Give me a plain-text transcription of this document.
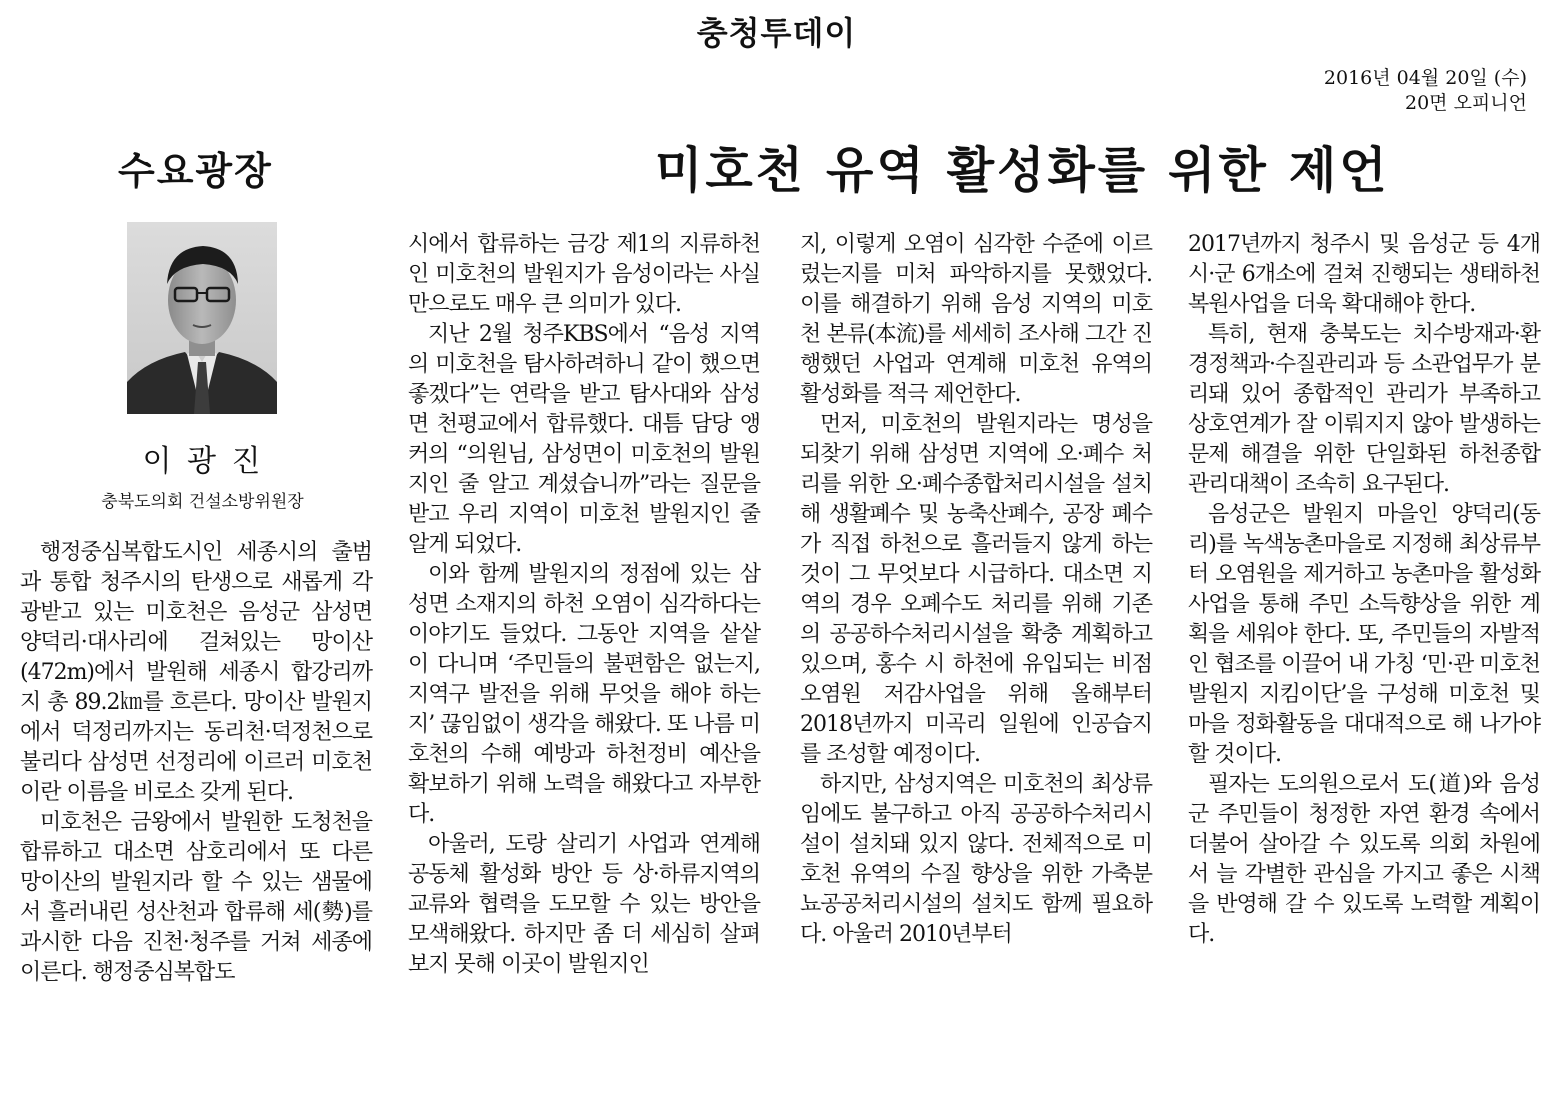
충청투데이
2016년 04월 20일 (수)
20면 오피니언
수요광장	미호천 유역 활성화를 위한 제언
이 광 진
충북도의회 건설소방위원장

행정중심복합도시인 세종시의 출범과 통합 청주시의 탄생으로 새롭게 각광받고 있는 미호천은 음성군 삼성면 양덕리·대사리에 걸쳐있는 망이산(472m)에서 발원해 세종시 합강리까지 총 89.2㎞를 흐른다. 망이산 발원지에서 덕정리까지는 동리천·덕정천으로 불리다 삼성면 선정리에 이르러 미호천이란 이름을 비로소 갖게 된다.

미호천은 금왕에서 발원한 도청천을 합류하고 대소면 삼호리에서 또 다른 망이산의 발원지라 할 수 있는 샘물에서 흘러내린 성산천과 합류해 세(勢)를 과시한 다음 진천·청주를 거쳐 세종에 이른다. 행정중심복합도

시에서 합류하는 금강 제1의 지류하천인 미호천의 발원지가 음성이라는 사실만으로도 매우 큰 의미가 있다.

지난 2월 청주KBS에서 “음성 지역의 미호천을 탐사하려하니 같이 했으면 좋겠다”는 연락을 받고 탐사대와 삼성면 천평교에서 합류했다. 대틈 담당 앵커의 “의원님, 삼성면이 미호천의 발원지인 줄 알고 계셨습니까”라는 질문을 받고 우리 지역이 미호천 발원지인 줄 알게 되었다.

이와 함께 발원지의 정점에 있는 삼성면 소재지의 하천 오염이 심각하다는 이야기도 들었다. 그동안 지역을 샅샅이 다니며 ‘주민들의 불편함은 없는지, 지역구 발전을 위해 무엇을 해야 하는지’ 끊임없이 생각을 해왔다. 또 나름 미호천의 수해 예방과 하천정비 예산을 확보하기 위해 노력을 해왔다고 자부한다.

아울러, 도랑 살리기 사업과 연계해 공동체 활성화 방안 등 상·하류지역의 교류와 협력을 도모할 수 있는 방안을 모색해왔다. 하지만 좀 더 세심히 살펴보지 못해 이곳이 발원지인

지, 이렇게 오염이 심각한 수준에 이르렀는지를 미처 파악하지를 못했었다. 이를 해결하기 위해 음성 지역의 미호천 본류(本流)를 세세히 조사해 그간 진행했던 사업과 연계해 미호천 유역의 활성화를 적극 제언한다.

먼저, 미호천의 발원지라는 명성을 되찾기 위해 삼성면 지역에 오·폐수 처리를 위한 오·폐수종합처리시설을 설치해 생활폐수 및 농축산폐수, 공장 폐수가 직접 하천으로 흘러들지 않게 하는 것이 그 무엇보다 시급하다. 대소면 지역의 경우 오폐수도 처리를 위해 기존의 공공하수처리시설을 확충 계획하고 있으며, 홍수 시 하천에 유입되는 비점오염원 저감사업을 위해 올해부터 2018년까지 미곡리 일원에 인공습지를 조성할 예정이다.

하지만, 삼성지역은 미호천의 최상류임에도 불구하고 아직 공공하수처리시설이 설치돼 있지 않다. 전체적으로 미호천 유역의 수질 향상을 위한 가축분뇨공공처리시설의 설치도 함께 필요하다. 아울러 2010년부터

2017년까지 청주시 및 음성군 등 4개 시·군 6개소에 걸쳐 진행되는 생태하천 복원사업을 더욱 확대해야 한다.

특히, 현재 충북도는 치수방재과·환경정책과·수질관리과 등 소관업무가 분리돼 있어 종합적인 관리가 부족하고 상호연계가 잘 이뤄지지 않아 발생하는 문제 해결을 위한 단일화된 하천종합 관리대책이 조속히 요구된다.

음성군은 발원지 마을인 양덕리(동리)를 녹색농촌마을로 지정해 최상류부터 오염원을 제거하고 농촌마을 활성화 사업을 통해 주민 소득향상을 위한 계획을 세워야 한다. 또, 주민들의 자발적인 협조를 이끌어 내 가칭 ‘민·관 미호천 발원지 지킴이단’을 구성해 미호천 및 마을 정화활동을 대대적으로 해 나가야 할 것이다.

필자는 도의원으로서 도(道)와 음성군 주민들이 청정한 자연 환경 속에서 더불어 살아갈 수 있도록 의회 차원에서 늘 각별한 관심을 가지고 좋은 시책을 반영해 갈 수 있도록 노력할 계획이다.
